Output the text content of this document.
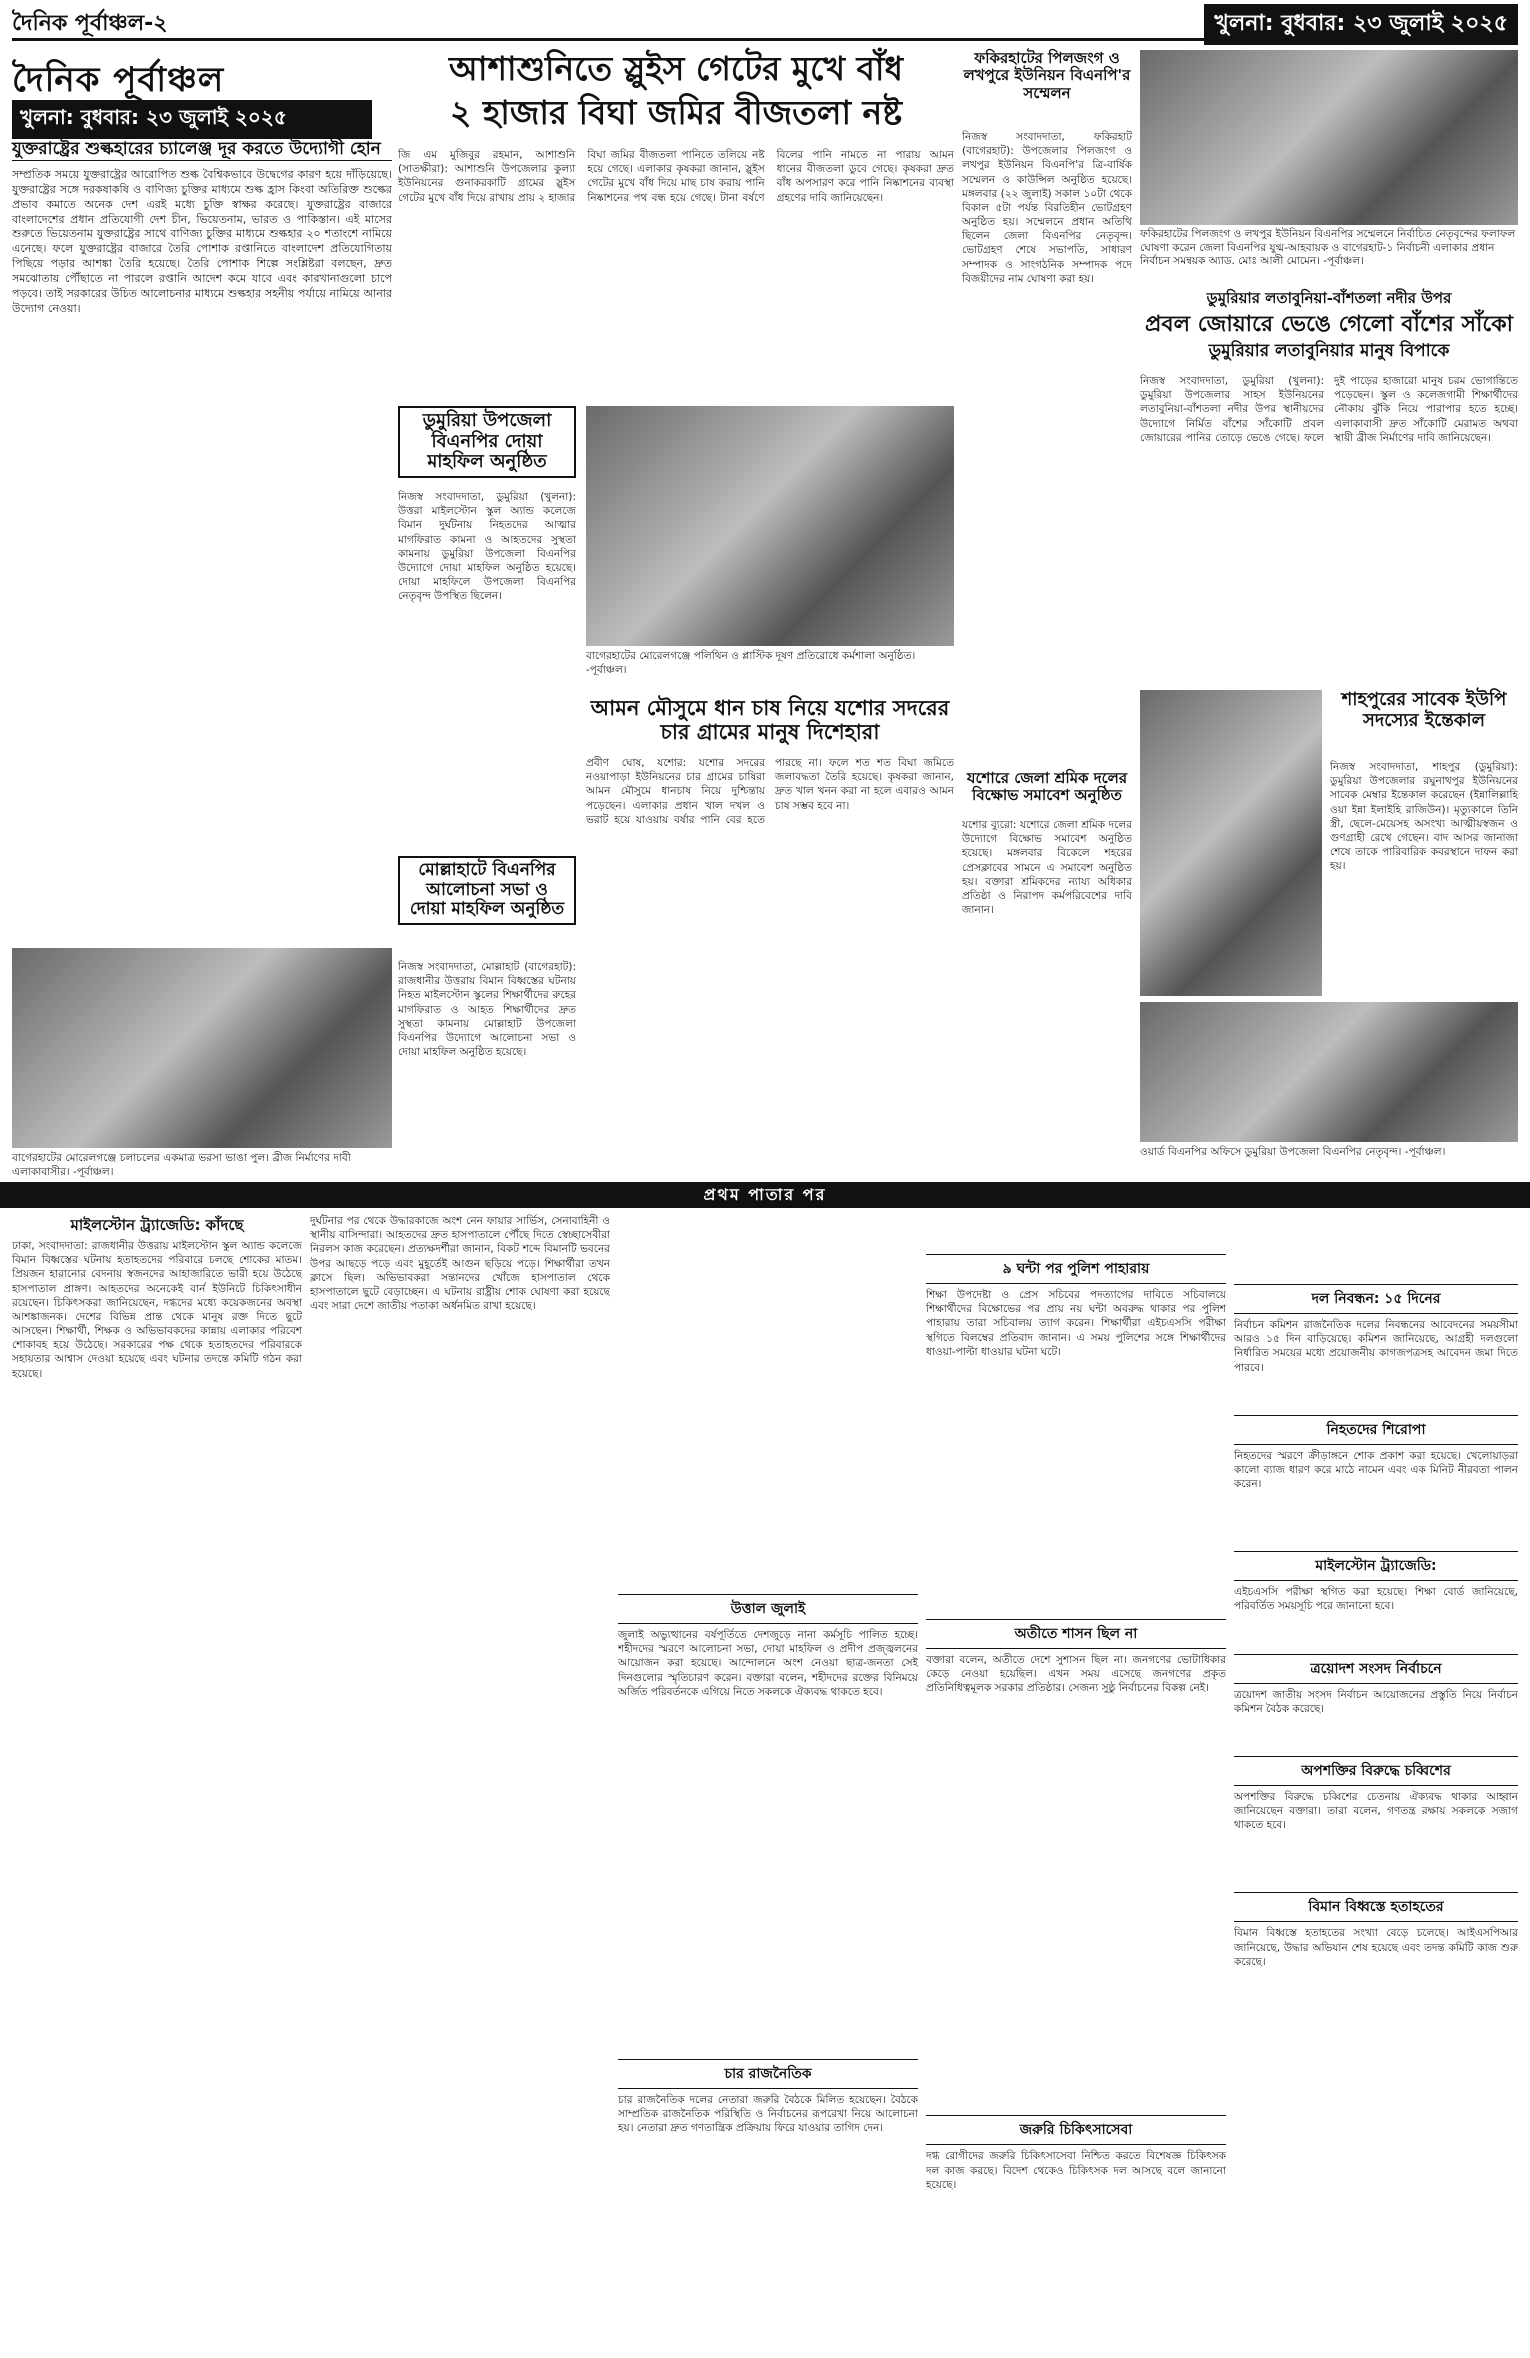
দৈনিক পূর্বাঞ্চল-২	খুলনা: বুধবার: ২৩ জুলাই ২০২৫
দৈনিক পূর্বাঞ্চল
খুলনা: বুধবার: ২৩ জুলাই ২০২৫
যুক্তরাষ্ট্রের শুল্কহারের চ্যালেঞ্জ দূর করতে উদ্যোগী হোন
সম্প্রতিক সময়ে যুক্তরাষ্ট্রের আরোপিত শুল্ক বৈশ্বিকভাবে উদ্বেগের কারণ হয়ে দাঁড়িয়েছে। যুক্তরাষ্ট্রের সঙ্গে দরকষাকষি ও বাণিজ্য চুক্তির মাধ্যমে শুল্ক হ্রাস কিংবা অতিরিক্ত শুল্কের প্রভাব কমাতে অনেক দেশ এরই মধ্যে চুক্তি স্বাক্ষর করেছে। যুক্তরাষ্ট্রের বাজারে বাংলাদেশের প্রধান প্রতিযোগী দেশ চীন, ভিয়েতনাম, ভারত ও পাকিস্তান। এই মাসের শুরুতে ভিয়েতনাম যুক্তরাষ্ট্রের সাথে বাণিজ্য চুক্তির মাধ্যমে শুল্কহার ২০ শতাংশে নামিয়ে এনেছে। ফলে যুক্তরাষ্ট্রের বাজারে তৈরি পোশাক রপ্তানিতে বাংলাদেশ প্রতিযোগিতায় পিছিয়ে পড়ার আশঙ্কা তৈরি হয়েছে। তৈরি পোশাক শিল্পে সংশ্লিষ্টরা বলছেন, দ্রুত সমঝোতায় পৌঁছাতে না পারলে রপ্তানি আদেশ কমে যাবে এবং কারখানাগুলো চাপে পড়বে। তাই সরকারের উচিত আলোচনার মাধ্যমে শুল্কহার সহনীয় পর্যায়ে নামিয়ে আনার উদ্যোগ নেওয়া।
বাগেরহাটের মোরেলগঞ্জে চলাচলের একমাত্র ভরসা ভাঙা পুল। ব্রীজ নির্মাণের দাবী এলাকাবাসীর। -পূর্বাঞ্চল।
আশাশুনিতে স্লুইস গেটের মুখে বাঁধ
২ হাজার বিঘা জমির বীজতলা নষ্ট
জি এম মুজিবুর রহমান, আশাশুনি (সাতক্ষীরা): আশাশুনি উপজেলার কুল্যা ইউনিয়নের গুনাকরকাটি গ্রামের স্লুইস গেটের মুখে বাঁধ দিয়ে রাখায় প্রায় ২ হাজার বিঘা জমির বীজতলা পানিতে তলিয়ে নষ্ট হয়ে গেছে। এলাকার কৃষকরা জানান, স্লুইস গেটের মুখে বাঁধ দিয়ে মাছ চাষ করায় পানি নিষ্কাশনের পথ বন্ধ হয়ে গেছে। টানা বর্ষণে বিলের পানি নামতে না পারায় আমন ধানের বীজতলা ডুবে গেছে। কৃষকরা দ্রুত বাঁধ অপসারণ করে পানি নিষ্কাশনের ব্যবস্থা গ্রহণের দাবি জানিয়েছেন।
ডুমুরিয়া উপজেলা বিএনপির দোয়া মাহফিল অনুষ্ঠিত
নিজস্ব সংবাদদাতা, ডুমুরিয়া (খুলনা): উত্তরা মাইলস্টোন স্কুল অ্যান্ড কলেজে বিমান দুর্ঘটনায় নিহতদের আত্মার মাগফিরাত কামনা ও আহতদের সুস্থতা কামনায় ডুমুরিয়া উপজেলা বিএনপির উদ্যোগে দোয়া মাহফিল অনুষ্ঠিত হয়েছে। দোয়া মাহফিলে উপজেলা বিএনপির নেতৃবৃন্দ উপস্থিত ছিলেন।
বাগেরহাটের মোরেলগঞ্জে পলিথিন ও প্লাস্টিক দূষণ প্রতিরোধে কর্মশালা অনুষ্ঠিত। -পূর্বাঞ্চল।
আমন মৌসুমে ধান চাষ নিয়ে যশোর সদরের চার গ্রামের মানুষ দিশেহারা
প্রবীণ ঘোষ, যশোর: যশোর সদরের নওয়াপাড়া ইউনিয়নের চার গ্রামের চাষিরা আমন মৌসুমে ধানচাষ নিয়ে দুশ্চিন্তায় পড়েছেন। এলাকার প্রধান খাল দখল ও ভরাট হয়ে যাওয়ায় বর্ষার পানি বের হতে পারছে না। ফলে শত শত বিঘা জমিতে জলাবদ্ধতা তৈরি হয়েছে। কৃষকরা জানান, দ্রুত খাল খনন করা না হলে এবারও আমন চাষ সম্ভব হবে না।
মোল্লাহাটে বিএনপির আলোচনা সভা ও দোয়া মাহফিল অনুষ্ঠিত
নিজস্ব সংবাদদাতা, মোল্লাহাট (বাগেরহাট): রাজধানীর উত্তরায় বিমান বিধ্বস্তের ঘটনায় নিহত মাইলস্টোন স্কুলের শিক্ষার্থীদের রুহের মাগফিরাত ও আহত শিক্ষার্থীদের দ্রুত সুস্থতা কামনায় মোল্লাহাট উপজেলা বিএনপির উদ্যোগে আলোচনা সভা ও দোয়া মাহফিল অনুষ্ঠিত হয়েছে।
ফকিরহাটের পিলজংগ ও লখপুরে ইউনিয়ন বিএনপি'র সম্মেলন
নিজস্ব সংবাদদাতা, ফকিরহাট (বাগেরহাট): উপজেলার পিলজংগ ও লখপুর ইউনিয়ন বিএনপি'র ত্রি-বার্ষিক সম্মেলন ও কাউন্সিল অনুষ্ঠিত হয়েছে। মঙ্গলবার (২২ জুলাই) সকাল ১০টা থেকে বিকাল ৫টা পর্যন্ত বিরতিহীন ভোটগ্রহণ অনুষ্ঠিত হয়। সম্মেলনে প্রধান অতিথি ছিলেন জেলা বিএনপির নেতৃবৃন্দ। ভোটগ্রহণ শেষে সভাপতি, সাধারণ সম্পাদক ও সাংগঠনিক সম্পাদক পদে বিজয়ীদের নাম ঘোষণা করা হয়।
ফকিরহাটের পিলজংগ ও লখপুর ইউনিয়ন বিএনপির সম্মেলনে নির্বাচিত নেতৃবৃন্দের ফলাফল ঘোষণা করেন জেলা বিএনপির যুগ্ম-আহবায়ক ও বাগেরহাট-১ নির্বাচনী এলাকার প্রধান নির্বাচন সমন্বয়ক অ্যাড. মোঃ আলী মোমেন। -পূর্বাঞ্চল।
ডুমুরিয়ার লতাবুনিয়া-বাঁশতলা নদীর উপর
প্রবল জোয়ারে ভেঙে গেলো বাঁশের সাঁকো
ডুমুরিয়ার লতাবুনিয়ার মানুষ বিপাকে
নিজস্ব সংবাদদাতা, ডুমুরিয়া (খুলনা): ডুমুরিয়া উপজেলার সাহস ইউনিয়নের লতাবুনিয়া-বাঁশতলা নদীর উপর স্থানীয়দের উদ্যোগে নির্মিত বাঁশের সাঁকোটি প্রবল জোয়ারের পানির তোড়ে ভেঙে গেছে। ফলে দুই পাড়ের হাজারো মানুষ চরম ভোগান্তিতে পড়েছেন। স্কুল ও কলেজগামী শিক্ষার্থীদের নৌকায় ঝুঁকি নিয়ে পারাপার হতে হচ্ছে। এলাকাবাসী দ্রুত সাঁকোটি মেরামত অথবা স্থায়ী ব্রীজ নির্মাণের দাবি জানিয়েছেন।
যশোরে জেলা শ্রমিক দলের বিক্ষোভ সমাবেশ অনুষ্ঠিত
যশোর ব্যুরো: যশোরে জেলা শ্রমিক দলের উদ্যোগে বিক্ষোভ সমাবেশ অনুষ্ঠিত হয়েছে। মঙ্গলবার বিকেলে শহরের প্রেসক্লাবের সামনে এ সমাবেশ অনুষ্ঠিত হয়। বক্তারা শ্রমিকদের ন্যায্য অধিকার প্রতিষ্ঠা ও নিরাপদ কর্মপরিবেশের দাবি জানান।
শাহপুরের সাবেক ইউপি সদস্যের ইন্তেকাল
নিজস্ব সংবাদদাতা, শাহপুর (ডুমুরিয়া): ডুমুরিয়া উপজেলার রঘুনাথপুর ইউনিয়নের সাবেক মেম্বার ইন্তেকাল করেছেন (ইন্নালিল্লাহি ওয়া ইন্না ইলাইহি রাজিউন)। মৃত্যুকালে তিনি স্ত্রী, ছেলে-মেয়েসহ অসংখ্য আত্মীয়স্বজন ও গুণগ্রাহী রেখে গেছেন। বাদ আসর জানাজা শেষে তাকে পারিবারিক কবরস্থানে দাফন করা হয়।
ওয়ার্ড বিএনপির অফিসে ডুমুরিয়া উপজেলা বিএনপির নেতৃবৃন্দ। -পূর্বাঞ্চল।
প্রথম পাতার পর
মাইলস্টোন ট্র্যাজেডি: কাঁদছে
ঢাকা, সংবাদদাতা: রাজধানীর উত্তরায় মাইলস্টোন স্কুল অ্যান্ড কলেজে বিমান বিধ্বস্তের ঘটনায় হতাহতদের পরিবারে চলছে শোকের মাতম। প্রিয়জন হারানোর বেদনায় স্বজনদের আহাজারিতে ভারী হয়ে উঠেছে হাসপাতাল প্রাঙ্গণ। আহতদের অনেকেই বার্ন ইউনিটে চিকিৎসাধীন রয়েছেন। চিকিৎসকরা জানিয়েছেন, দগ্ধদের মধ্যে কয়েকজনের অবস্থা আশঙ্কাজনক। দেশের বিভিন্ন প্রান্ত থেকে মানুষ রক্ত দিতে ছুটে আসছেন। শিক্ষার্থী, শিক্ষক ও অভিভাবকদের কান্নায় এলাকার পরিবেশ শোকাবহ হয়ে উঠেছে। সরকারের পক্ষ থেকে হতাহতদের পরিবারকে সহায়তার আশ্বাস দেওয়া হয়েছে এবং ঘটনার তদন্তে কমিটি গঠন করা হয়েছে।
দুর্ঘটনার পর থেকে উদ্ধারকাজে অংশ নেন ফায়ার সার্ভিস, সেনাবাহিনী ও স্থানীয় বাসিন্দারা। আহতদের দ্রুত হাসপাতালে পৌঁছে দিতে স্বেচ্ছাসেবীরা নিরলস কাজ করেছেন। প্রত্যক্ষদর্শীরা জানান, বিকট শব্দে বিমানটি ভবনের উপর আছড়ে পড়ে এবং মুহূর্তেই আগুন ছড়িয়ে পড়ে। শিক্ষার্থীরা তখন ক্লাসে ছিল। অভিভাবকরা সন্তানদের খোঁজে হাসপাতাল থেকে হাসপাতালে ছুটে বেড়াচ্ছেন। এ ঘটনায় রাষ্ট্রীয় শোক ঘোষণা করা হয়েছে এবং সারা দেশে জাতীয় পতাকা অর্ধনমিত রাখা হয়েছে।
উত্তাল জুলাই
জুলাই অভ্যুত্থানের বর্ষপূর্তিতে দেশজুড়ে নানা কর্মসূচি পালিত হচ্ছে। শহীদদের স্মরণে আলোচনা সভা, দোয়া মাহফিল ও প্রদীপ প্রজ্জ্বলনের আয়োজন করা হয়েছে। আন্দোলনে অংশ নেওয়া ছাত্র-জনতা সেই দিনগুলোর স্মৃতিচারণ করেন। বক্তারা বলেন, শহীদদের রক্তের বিনিময়ে অর্জিত পরিবর্তনকে এগিয়ে নিতে সকলকে ঐক্যবদ্ধ থাকতে হবে।
চার রাজনৈতিক
চার রাজনৈতিক দলের নেতারা জরুরি বৈঠকে মিলিত হয়েছেন। বৈঠকে সাম্প্রতিক রাজনৈতিক পরিস্থিতি ও নির্বাচনের রূপরেখা নিয়ে আলোচনা হয়। নেতারা দ্রুত গণতান্ত্রিক প্রক্রিয়ায় ফিরে যাওয়ার তাগিদ দেন।
৯ ঘন্টা পর পুলিশ পাহারায়
শিক্ষা উপদেষ্টা ও প্রেস সচিবের পদত্যাগের দাবিতে সচিবালয়ে শিক্ষার্থীদের বিক্ষোভের পর প্রায় নয় ঘন্টা অবরুদ্ধ থাকার পর পুলিশ পাহারায় তারা সচিবালয় ত্যাগ করেন। শিক্ষার্থীরা এইচএসসি পরীক্ষা স্থগিতে বিলম্বের প্রতিবাদ জানান। এ সময় পুলিশের সঙ্গে শিক্ষার্থীদের ধাওয়া-পাল্টা ধাওয়ার ঘটনা ঘটে।
অতীতে শাসন ছিল না
বক্তারা বলেন, অতীতে দেশে সুশাসন ছিল না। জনগণের ভোটাধিকার কেড়ে নেওয়া হয়েছিল। এখন সময় এসেছে জনগণের প্রকৃত প্রতিনিধিত্বমূলক সরকার প্রতিষ্ঠার। সেজন্য সুষ্ঠু নির্বাচনের বিকল্প নেই।
জরুরি চিকিৎসাসেবা
দগ্ধ রোগীদের জরুরি চিকিৎসাসেবা নিশ্চিত করতে বিশেষজ্ঞ চিকিৎসক দল কাজ করছে। বিদেশ থেকেও চিকিৎসক দল আসছে বলে জানানো হয়েছে।
দল নিবন্ধন: ১৫ দিনের
নির্বাচন কমিশন রাজনৈতিক দলের নিবন্ধনের আবেদনের সময়সীমা আরও ১৫ দিন বাড়িয়েছে। কমিশন জানিয়েছে, আগ্রহী দলগুলো নির্ধারিত সময়ের মধ্যে প্রয়োজনীয় কাগজপত্রসহ আবেদন জমা দিতে পারবে।
নিহতদের শিরোপা
নিহতদের স্মরণে ক্রীড়াঙ্গনে শোক প্রকাশ করা হয়েছে। খেলোয়াড়রা কালো ব্যাজ ধারণ করে মাঠে নামেন এবং এক মিনিট নীরবতা পালন করেন।
মাইলস্টোন ট্র্যাজেডি:
এইচএসসি পরীক্ষা স্থগিত করা হয়েছে। শিক্ষা বোর্ড জানিয়েছে, পরিবর্তিত সময়সূচি পরে জানানো হবে।
ত্রয়োদশ সংসদ নির্বাচনে
ত্রয়োদশ জাতীয় সংসদ নির্বাচন আয়োজনের প্রস্তুতি নিয়ে নির্বাচন কমিশন বৈঠক করেছে।
অপশক্তির বিরুদ্ধে চব্বিশের
অপশক্তির বিরুদ্ধে চব্বিশের চেতনায় ঐক্যবদ্ধ থাকার আহ্বান জানিয়েছেন বক্তারা। তারা বলেন, গণতন্ত্র রক্ষায় সকলকে সজাগ থাকতে হবে।
বিমান বিধ্বস্তে হতাহতের
বিমান বিধ্বস্তে হতাহতের সংখ্যা বেড়ে চলেছে। আইএসপিআর জানিয়েছে, উদ্ধার অভিযান শেষ হয়েছে এবং তদন্ত কমিটি কাজ শুরু করেছে।
